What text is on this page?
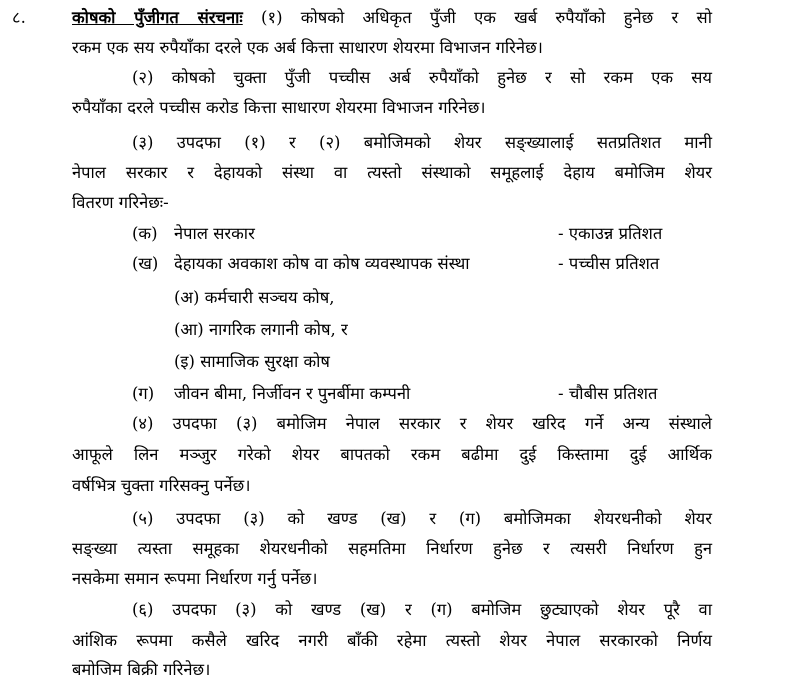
८.	कोषको पुँजीगत संरचनाः (१) कोषको अधिकृत पुँजी एक खर्ब रुपैयाँको हुनेछ र सो
रकम एक सय रुपैयाँका दरले एक अर्ब कित्ता साधारण शेयरमा विभाजन गरिनेछ।
(२) कोषको चुक्ता पुँजी पच्चीस अर्ब रुपैयाँको हुनेछ र सो रकम एक सय
रुपैयाँका दरले पच्चीस करोड कित्ता साधारण शेयरमा विभाजन गरिनेछ।
(३) उपदफा (१) र (२) बमोजिमको शेयर सङ्ख्यालाई सतप्रतिशत मानी
नेपाल सरकार र देहायको संस्था वा त्यस्तो संस्थाको समूहलाई देहाय बमोजिम शेयर
वितरण गरिनेछः-
(क) नेपाल सरकार	- एकाउन्न प्रतिशत
(ख) देहायका अवकाश कोष वा कोष व्यवस्थापक संस्था	- पच्चीस प्रतिशत
(अ) कर्मचारी सञ्चय कोष,
(आ) नागरिक लगानी कोष, र
(इ) सामाजिक सुरक्षा कोष
(ग) जीवन बीमा, निर्जीवन र पुनर्बीमा कम्पनी	- चौबीस प्रतिशत
(४) उपदफा (३) बमोजिम नेपाल सरकार र शेयर खरिद गर्ने अन्य संस्थाले
आफूले लिन मञ्जुर गरेको शेयर बापतको रकम बढीमा दुई किस्तामा दुई आर्थिक
वर्षभित्र चुक्ता गरिसक्नु पर्नेछ।
(५) उपदफा (३) को खण्ड (ख) र (ग) बमोजिमका शेयरधनीको शेयर
सङ्ख्या त्यस्ता समूहका शेयरधनीको सहमतिमा निर्धारण हुनेछ र त्यसरी निर्धारण हुन
नसकेमा समान रूपमा निर्धारण गर्नु पर्नेछ।
(६) उपदफा (३) को खण्ड (ख) र (ग) बमोजिम छुट्याएको शेयर पूरै वा
आंशिक रूपमा कसैले खरिद नगरी बाँकी रहेमा त्यस्तो शेयर नेपाल सरकारको निर्णय
बमोजिम बिक्री गरिनेछ।
